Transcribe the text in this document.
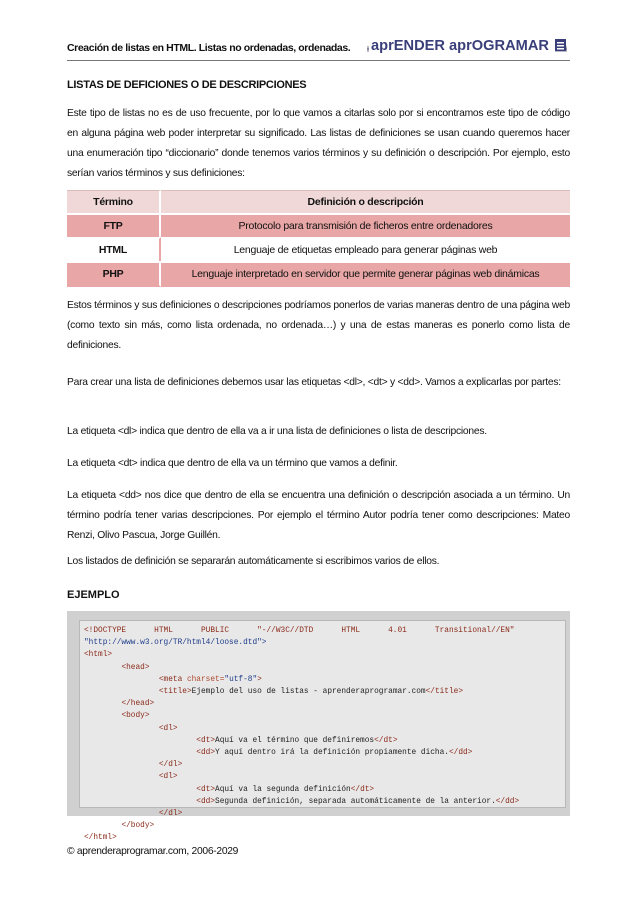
Creación de listas en HTML. Listas no ordenadas, ordenadas. aprENDER aprOGRAMAR
LISTAS DE DEFICIONES O DE DESCRIPCIONES
Este tipo de listas no es de uso frecuente, por lo que vamos a citarlas solo por si encontramos este tipo de código en alguna página web poder interpretar su significado. Las listas de definiciones se usan cuando queremos hacer una enumeración tipo “diccionario” donde tenemos varios términos y su definición o descripción. Por ejemplo, esto serían varios términos y sus definiciones:
Término	Definición o descripción
FTP	Protocolo para transmisión de ficheros entre ordenadores
HTML	Lenguaje de etiquetas empleado para generar páginas web
PHP	Lenguaje interpretado en servidor que permite generar páginas web dinámicas
Estos términos y sus definiciones o descripciones podríamos ponerlos de varias maneras dentro de una página web (como texto sin más, como lista ordenada, no ordenada…) y una de estas maneras es ponerlo como lista de definiciones.
Para crear una lista de definiciones debemos usar las etiquetas <dl>, <dt> y <dd>. Vamos a explicarlas por partes:
La etiqueta <dl> indica que dentro de ella va a ir una lista de definiciones o lista de descripciones.
La etiqueta <dt> indica que dentro de ella va un término que vamos a definir.
La etiqueta <dd> nos dice que dentro de ella se encuentra una definición o descripción asociada a un término. Un término podría tener varias descripciones. Por ejemplo el término Autor podría tener como descripciones: Mateo Renzi, Olivo Pascua, Jorge Guillén.
Los listados de definición se separarán automáticamente si escribimos varios de ellos.
EJEMPLO
<!DOCTYPE      HTML      PUBLIC      "-//W3C//DTD      HTML      4.01      Transitional//EN"
"http://www.w3.org/TR/html4/loose.dtd">
<html>
<head>
<meta charset="utf-8">
<title>Ejemplo del uso de listas - aprenderaprogramar.com</title>
</head>
<body>
<dl>
<dt>Aquí va el término que definiremos</dt>
<dd>Y aquí dentro irá la definición propiamente dicha.</dd>
</dl>
<dl>
<dt>Aquí va la segunda definición</dt>
<dd>Segunda definición, separada automáticamente de la anterior.</dd>
</dl>
</body>
</html>
© aprenderaprogramar.com, 2006-2029
